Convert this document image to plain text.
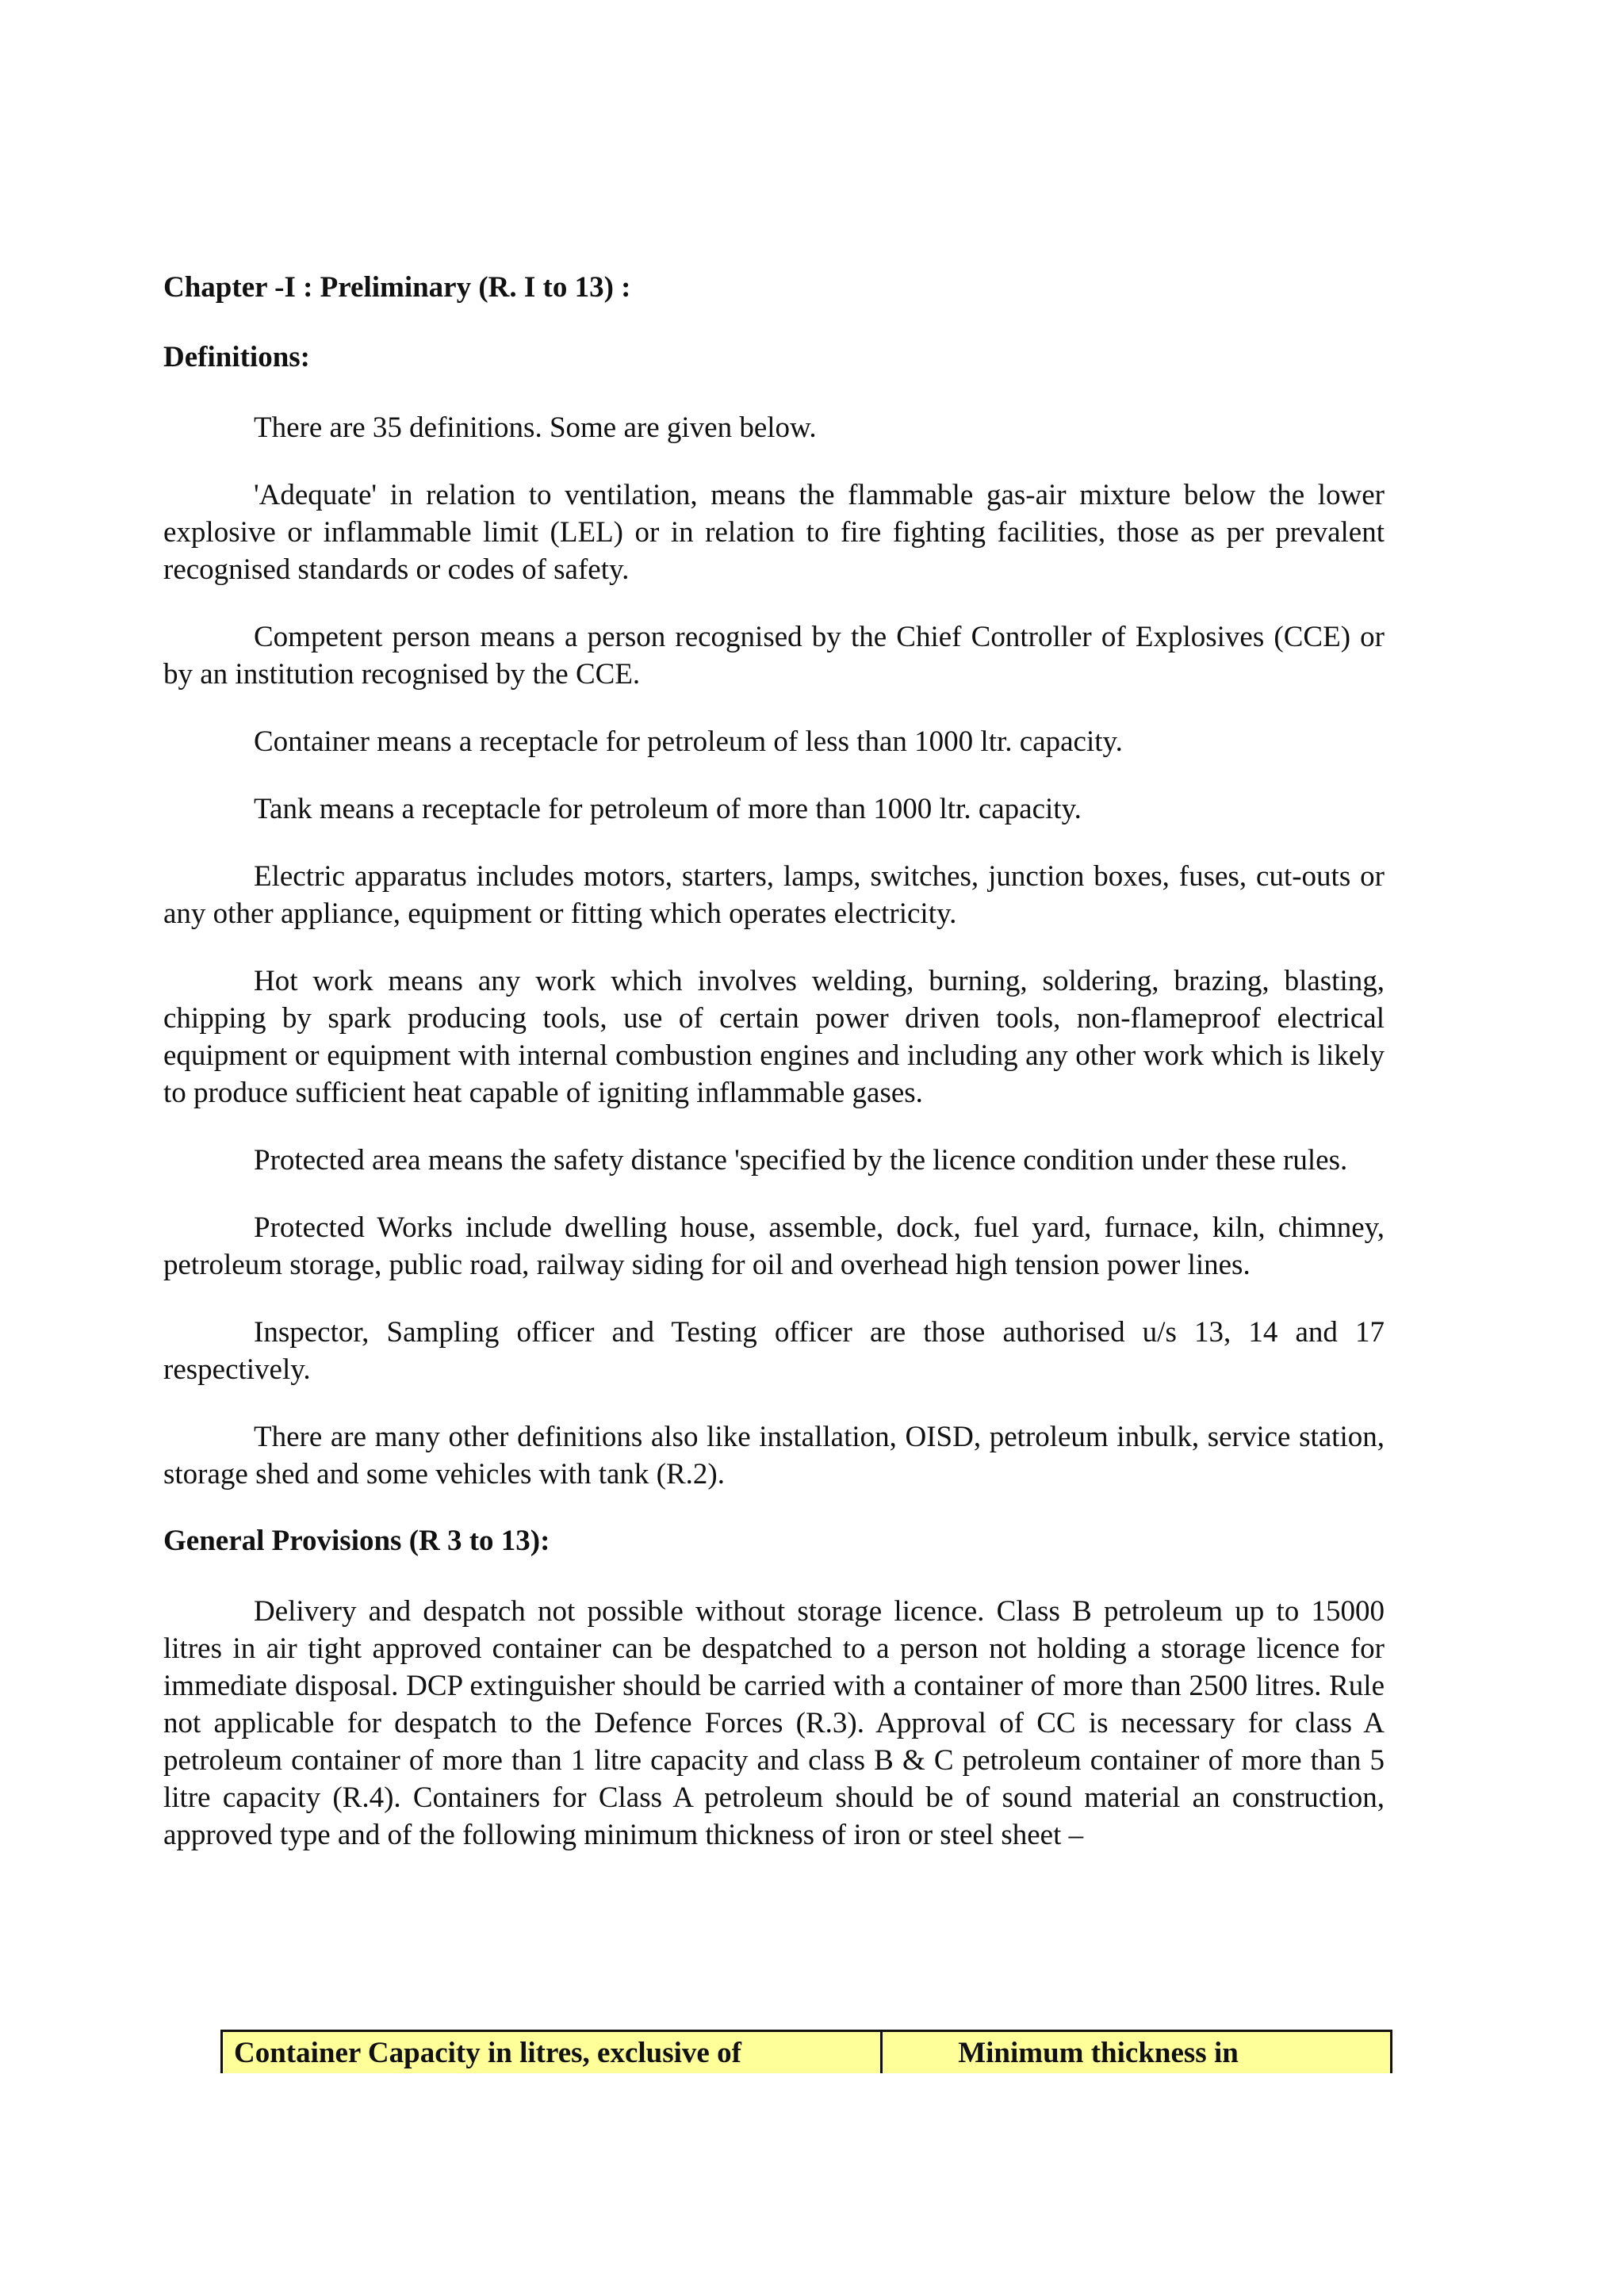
Chapter -I : Preliminary (R. I to 13) :

Definitions:

There are 35 definitions. Some are given below.

'Adequate' in relation to ventilation, means the flammable gas-air mixture below the lower explosive or inflammable limit (LEL) or in relation to fire fighting facilities, those as per prevalent recognised standards or codes of safety.

Competent person means a person recognised by the Chief Controller of Explosives (CCE) or by an institution recognised by the CCE.

Container means a receptacle for petroleum of less than 1000 ltr. capacity.

Tank means a receptacle for petroleum of more than 1000 ltr. capacity.

Electric apparatus includes motors, starters, lamps, switches, junction boxes, fuses, cut-outs or any other appliance, equipment or fitting which operates electricity.

Hot work means any work which involves welding, burning, soldering, brazing, blasting, chipping by spark producing tools, use of certain power driven tools, non-flameproof electrical equipment or equipment with internal combustion engines and including any other work which is likely to produce sufficient heat capable of igniting inflammable gases.

Protected area means the safety distance 'specified by the licence condition under these rules.

Protected Works include dwelling house, assemble, dock, fuel yard, furnace, kiln, chimney, petroleum storage, public road, railway siding for oil and overhead high tension power lines.

Inspector, Sampling officer and Testing officer are those authorised u/s 13, 14 and 17 respectively.

There are many other definitions also like installation, OISD, petroleum inbulk, service station, storage shed and some vehicles with tank (R.2).

General Provisions (R 3 to 13):

Delivery and despatch not possible without storage licence. Class B petroleum up to 15000 litres in air tight approved container can be despatched to a person not holding a storage licence for immediate disposal. DCP extinguisher should be carried with a container of more than 2500 litres. Rule not applicable for despatch to the Defence Forces (R.3). Approval of CC is necessary for class A petroleum container of more than 1 litre capacity and class B & C petroleum container of more than 5 litre capacity (R.4). Containers for Class A petroleum should be of sound material an construction, approved type and of the following minimum thickness of iron or steel sheet –

Container Capacity in litres, exclusive of	Minimum thickness in
